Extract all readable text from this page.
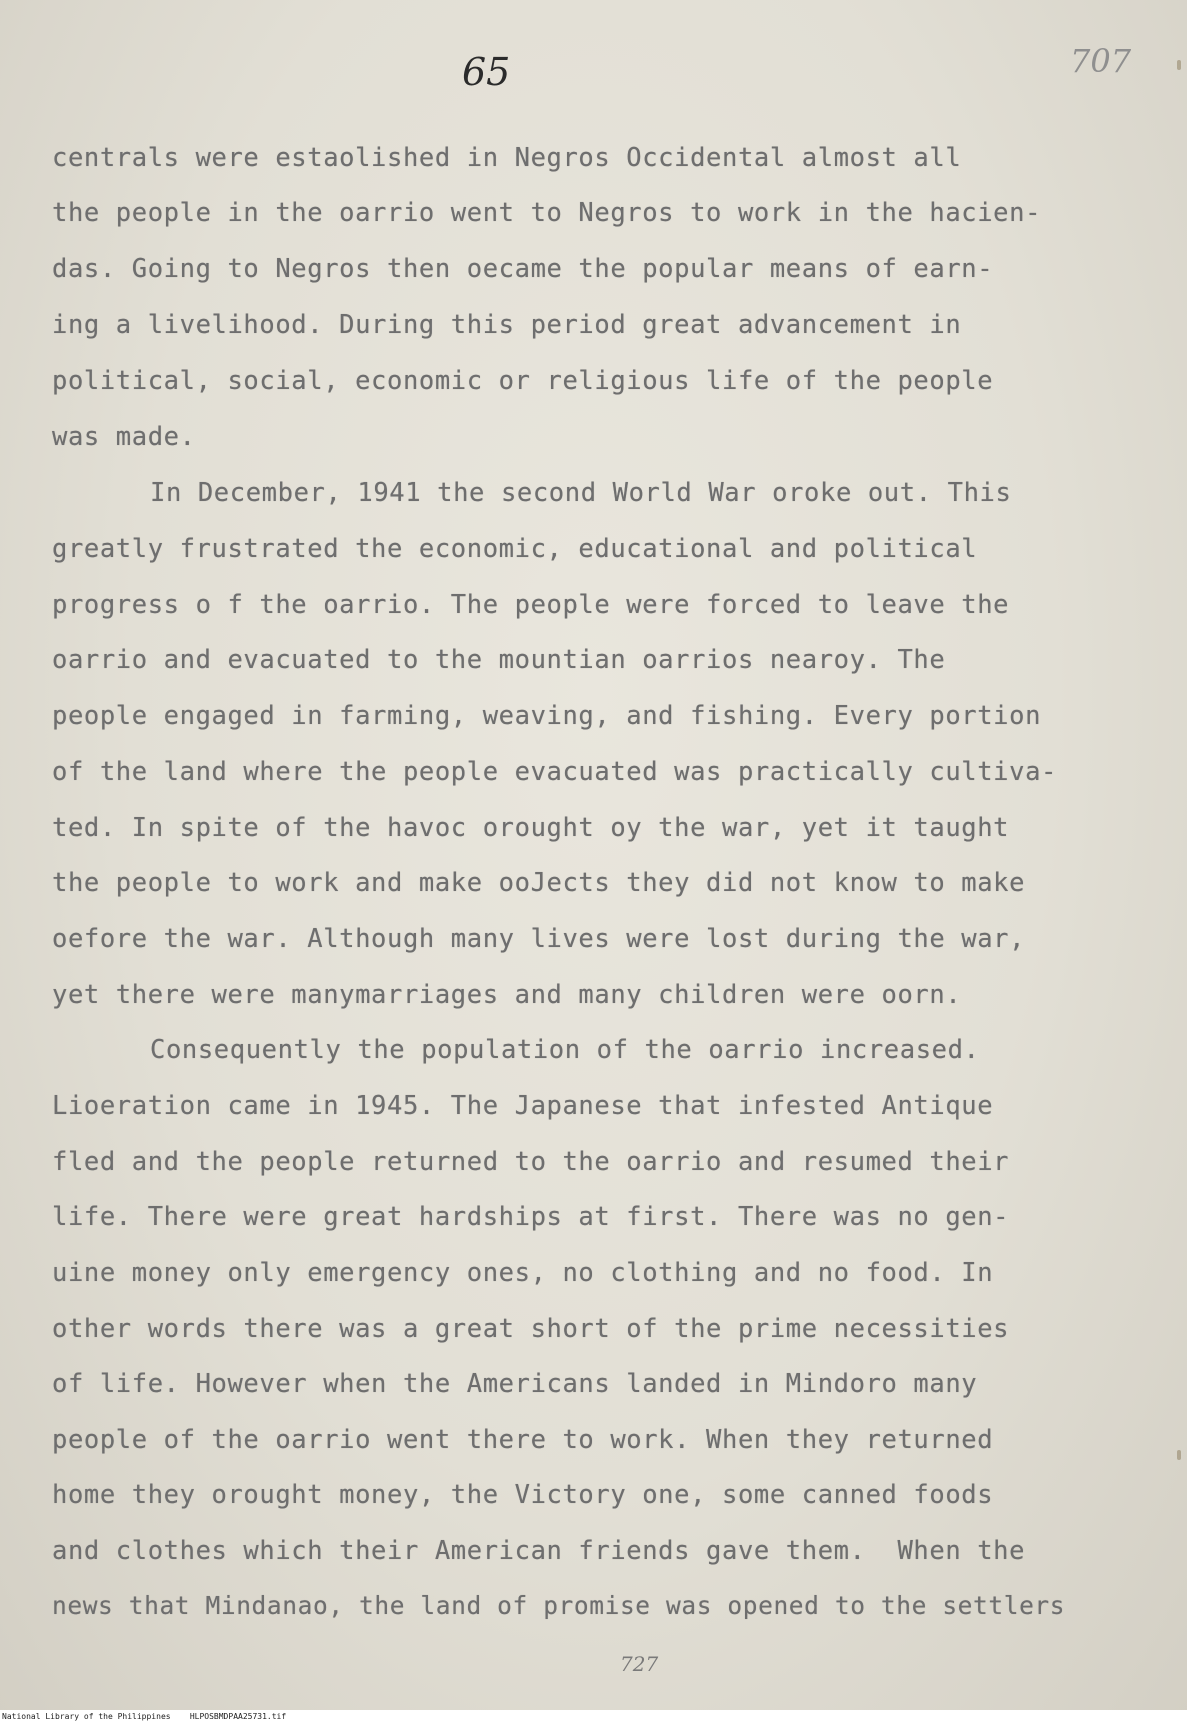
65	707
centrals were estaolished in Negros Occidental almost all
the people in the oarrio went to Negros to work in the hacien-
das. Going to Negros then oecame the popular means of earn-
ing a livelihood. During this period great advancement in
political, social, economic or religious life of the people
was made.
In December, 1941 the second World War oroke out. This
greatly frustrated the economic, educational and political
progress o f the oarrio. The people were forced to leave the
oarrio and evacuated to the mountian oarrios nearoy. The
people engaged in farming, weaving, and fishing. Every portion
of the land where the people evacuated was practically cultiva-
ted. In spite of the havoc orought oy the war, yet it taught
the people to work and make ooJects they did not know to make
oefore the war. Although many lives were lost during the war,
yet there were manymarriages and many children were oorn.
Consequently the population of the oarrio increased.
Lioeration came in 1945. The Japanese that infested Antique
fled and the people returned to the oarrio and resumed their
life. There were great hardships at first. There was no gen-
uine money only emergency ones, no clothing and no food. In
other words there was a great short of the prime necessities
of life. However when the Americans landed in Mindoro many
people of the oarrio went there to work. When they returned
home they orought money, the Victory one, some canned foods
and clothes which their American friends gave them.  When the
news that Mindanao, the land of promise was opened to the settlers
727
National Library of the Philippines HLPOSBMDPAA25731.tif
